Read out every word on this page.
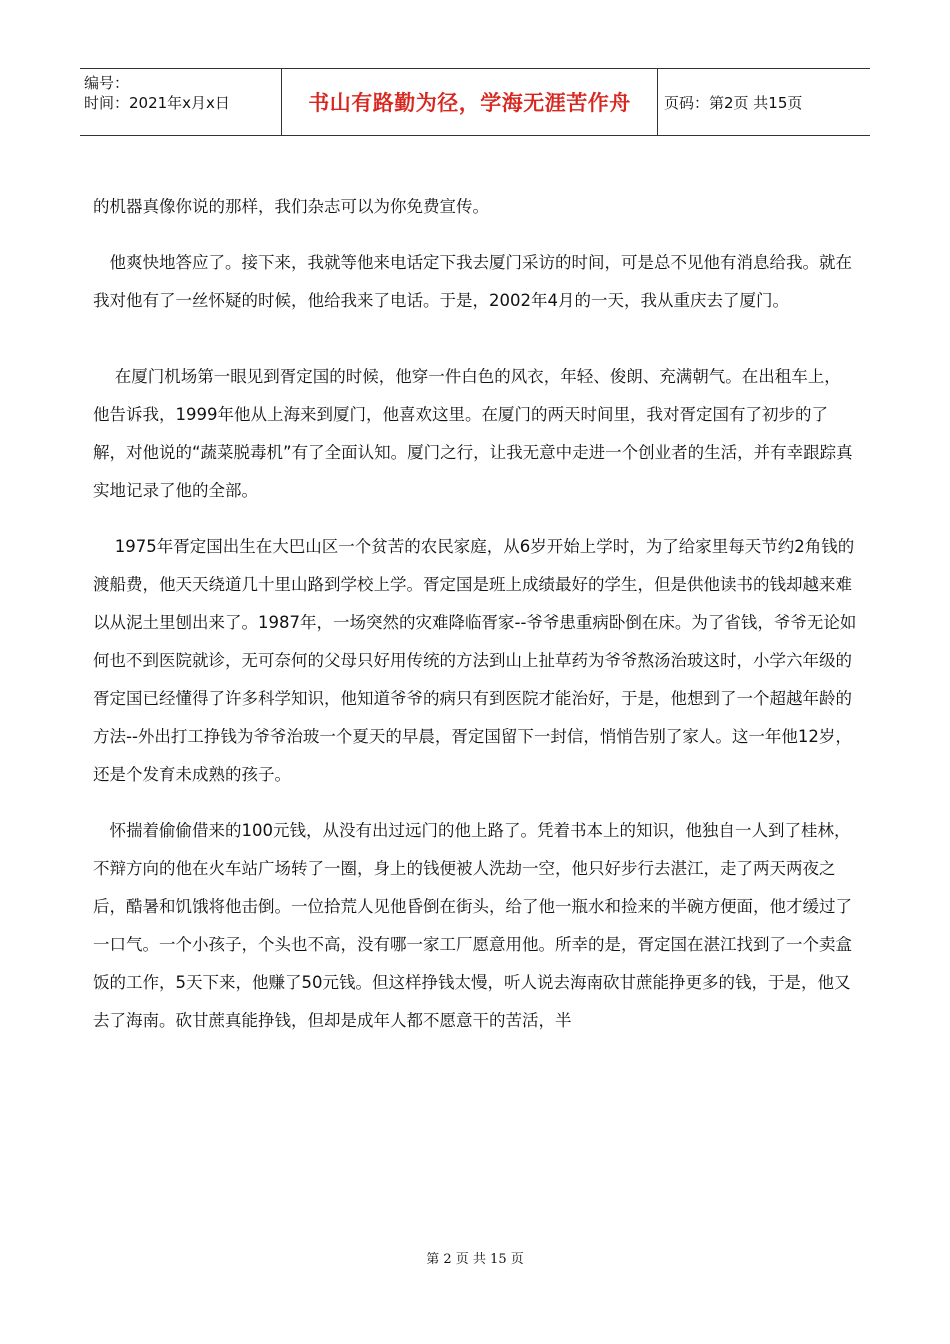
编号：
时间：2021年x月x日	书山有路勤为径，学海无涯苦作舟 页码：第2页 共15页

的机器真像你说的那样，我们杂志可以为你免费宣传。

　他爽快地答应了。接下来，我就等他来电话定下我去厦门采访的时间，可是总不见他有消息给我。就在我对他有了一丝怀疑的时候，他给我来了电话。于是，2002年4月的一天，我从重庆去了厦门。

　 在厦门机场第一眼见到胥定国的时候，他穿一件白色的风衣，年轻、俊朗、充满朝气。在出租车上，他告诉我，1999年他从上海来到厦门，他喜欢这里。在厦门的两天时间里，我对胥定国有了初步的了解，对他说的“蔬菜脱毒机”有了全面认知。厦门之行，让我无意中走进一个创业者的生活，并有幸跟踪真实地记录了他的全部。

　 1975年胥定国出生在大巴山区一个贫苦的农民家庭，从6岁开始上学时，为了给家里每天节约2角钱的渡船费，他天天绕道几十里山路到学校上学。胥定国是班上成绩最好的学生，但是供他读书的钱却越来难以从泥土里刨出来了。1987年，一场突然的灾难降临胥家--爷爷患重病卧倒在床。为了省钱，爷爷无论如何也不到医院就诊，无可奈何的父母只好用传统的方法到山上扯草药为爷爷熬汤治玻这时，小学六年级的胥定国已经懂得了许多科学知识，他知道爷爷的病只有到医院才能治好，于是，他想到了一个超越年龄的方法--外出打工挣钱为爷爷治玻一个夏天的早晨，胥定国留下一封信，悄悄告别了家人。这一年他12岁，还是个发育未成熟的孩子。

　怀揣着偷偷借来的100元钱，从没有出过远门的他上路了。凭着书本上的知识，他独自一人到了桂林，不辩方向的他在火车站广场转了一圈，身上的钱便被人洗劫一空，他只好步行去湛江，走了两天两夜之后，酷暑和饥饿将他击倒。一位拾荒人见他昏倒在街头，给了他一瓶水和捡来的半碗方便面，他才缓过了一口气。一个小孩子，个头也不高，没有哪一家工厂愿意用他。所幸的是，胥定国在湛江找到了一个卖盒饭的工作，5天下来，他赚了50元钱。但这样挣钱太慢，听人说去海南砍甘蔗能挣更多的钱，于是，他又去了海南。砍甘蔗真能挣钱，但却是成年人都不愿意干的苦活，半

第 2 页 共 15 页
